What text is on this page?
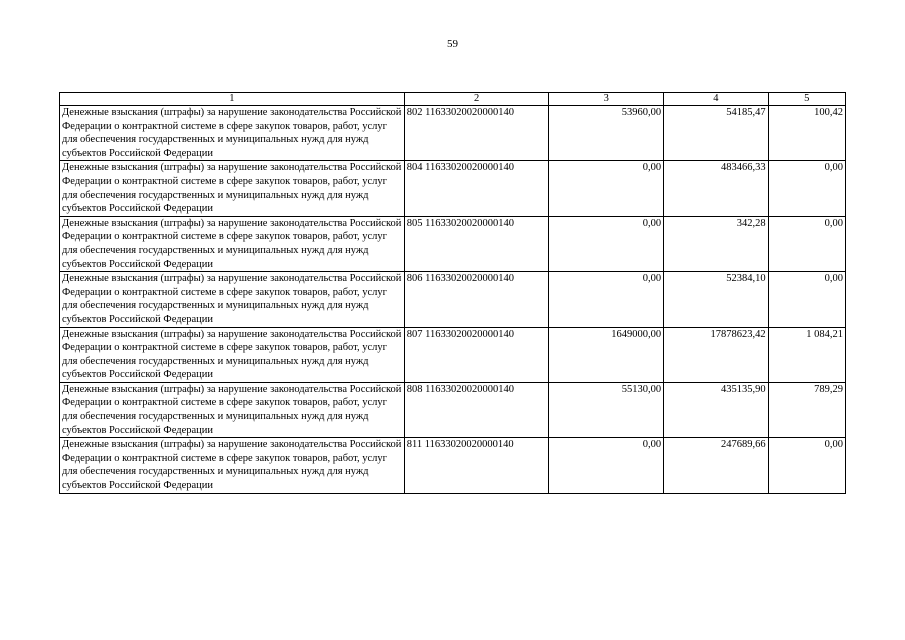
59
1	2	3	4	5
Денежные взыскания (штрафы) за нарушение законодательства Российской Федерации о контрактной системе в сфере закупок товаров, работ, услуг для обеспечения государственных и муниципальных нужд для нужд субъектов Российской Федерации	802 11633020020000140	53960,00	54185,47	100,42
Денежные взыскания (штрафы) за нарушение законодательства Российской Федерации о контрактной системе в сфере закупок товаров, работ, услуг для обеспечения государственных и муниципальных нужд для нужд субъектов Российской Федерации	804 11633020020000140	0,00	483466,33	0,00
Денежные взыскания (штрафы) за нарушение законодательства Российской Федерации о контрактной системе в сфере закупок товаров, работ, услуг для обеспечения государственных и муниципальных нужд для нужд субъектов Российской Федерации	805 11633020020000140	0,00	342,28	0,00
Денежные взыскания (штрафы) за нарушение законодательства Российской Федерации о контрактной системе в сфере закупок товаров, работ, услуг для обеспечения государственных и муниципальных нужд для нужд субъектов Российской Федерации	806 11633020020000140	0,00	52384,10	0,00
Денежные взыскания (штрафы) за нарушение законодательства Российской Федерации о контрактной системе в сфере закупок товаров, работ, услуг для обеспечения государственных и муниципальных нужд для нужд субъектов Российской Федерации	807 11633020020000140	1649000,00	17878623,42	1 084,21
Денежные взыскания (штрафы) за нарушение законодательства Российской Федерации о контрактной системе в сфере закупок товаров, работ, услуг для обеспечения государственных и муниципальных нужд для нужд субъектов Российской Федерации	808 11633020020000140	55130,00	435135,90	789,29
Денежные взыскания (штрафы) за нарушение законодательства Российской Федерации о контрактной системе в сфере закупок товаров, работ, услуг для обеспечения государственных и муниципальных нужд для нужд субъектов Российской Федерации	811 11633020020000140	0,00	247689,66	0,00
